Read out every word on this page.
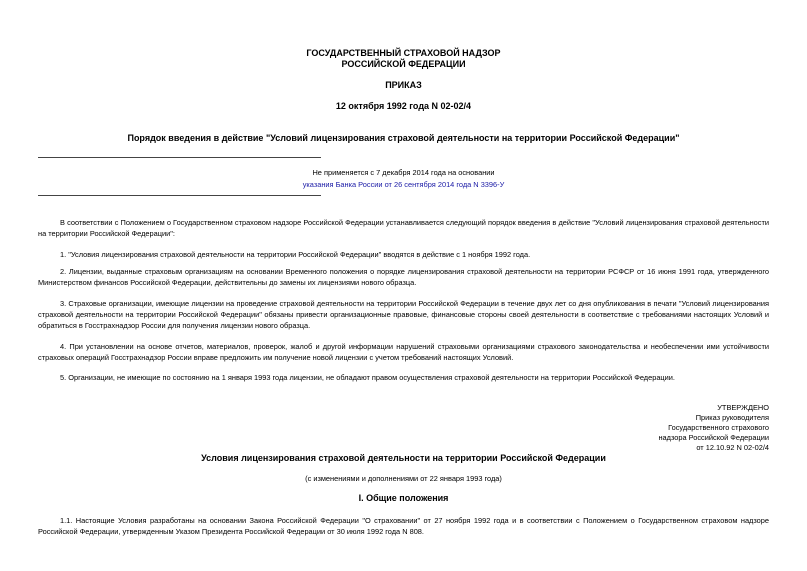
ГОСУДАРСТВЕННЫЙ СТРАХОВОЙ НАДЗОР
РОССИЙСКОЙ ФЕДЕРАЦИИ
ПРИКАЗ
12 октября 1992 года N 02-02/4
Порядок введения в действие "Условий лицензирования страховой деятельности на территории Российской Федерации"
Не применяется с 7 декабря 2014 года на основании
указания Банка России от 26 сентября 2014 года N 3396-У
В соответствии с Положением о Государственном страховом надзоре Российской Федерации устанавливается следующий порядок введения в действие "Условий лицензирования страховой деятельности на территории Российской Федерации":
1. "Условия лицензирования страховой деятельности на территории Российской Федерации" вводятся в действие с 1 ноября 1992 года.
2. Лицензии, выданные страховым организациям на основании Временного положения о порядке лицензирования страховой деятельности на территории РСФСР от 16 июня 1991 года, утвержденного Министерством финансов Российской Федерации, действительны до замены их лицензиями нового образца.
3. Страховые организации, имеющие лицензии на проведение страховой деятельности на территории Российской Федерации в течение двух лет со дня опубликования в печати "Условий лицензирования страховой деятельности на территории Российской Федерации" обязаны привести организационные правовые, финансовые стороны своей деятельности в соответствие с требованиями настоящих Условий и обратиться в Госстрахнадзор России для получения лицензии нового образца.
4. При установлении на основе отчетов, материалов, проверок, жалоб и другой информации нарушений страховыми организациями страхового законодательства и необеспечении ими устойчивости страховых операций Госстрахнадзор России вправе предложить им получение новой лицензии с учетом требований настоящих Условий.
5. Организации, не имеющие по состоянию на 1 января 1993 года лицензии, не обладают правом осуществления страховой деятельности на территории Российской Федерации.
УТВЕРЖДЕНО
Приказ руководителя
Государственного страхового
надзора Российской Федерации
от 12.10.92 N 02-02/4
Условия лицензирования страховой деятельности на территории Российской Федерации
(с изменениями и дополнениями от 22 января 1993 года)
I. Общие положения
1.1. Настоящие Условия разработаны на основании Закона Российской Федерации "О страховании" от 27 ноября 1992 года и в соответствии с Положением о Государственном страховом надзоре Российской Федерации, утвержденным Указом Президента Российской Федерации от 30 июля 1992 года N 808.
